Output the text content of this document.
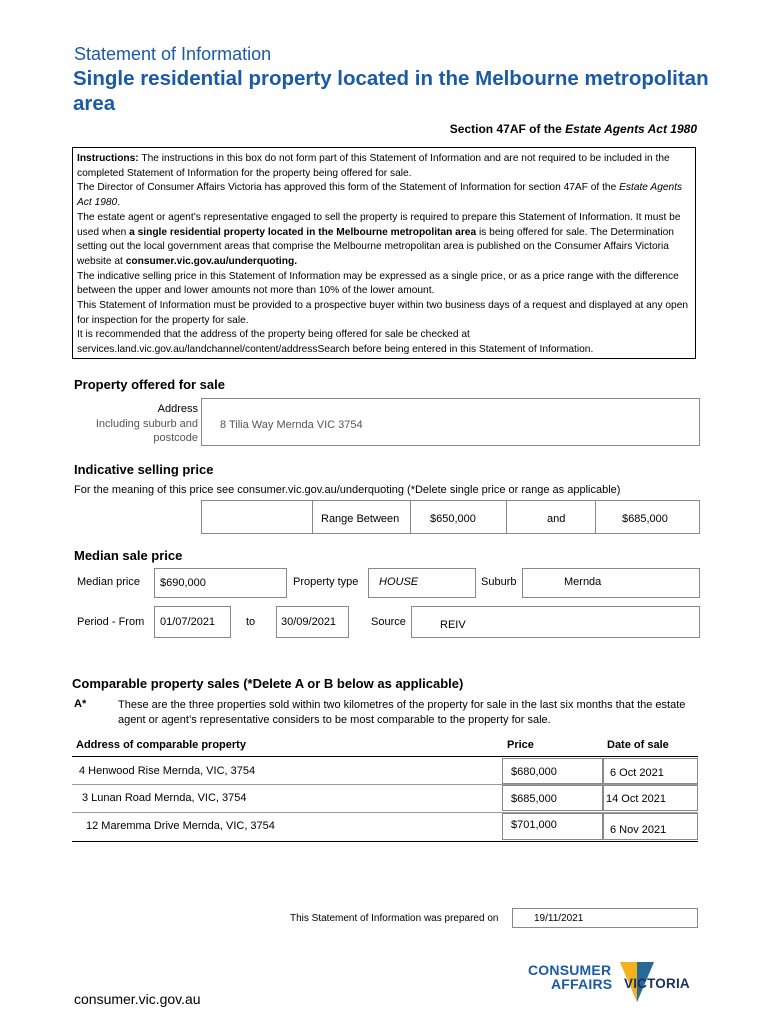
Statement of Information
Single residential property located in the Melbourne metropolitan area
Section 47AF of the Estate Agents Act 1980

Instructions: The instructions in this box do not form part of this Statement of Information and are not required to be included in the completed Statement of Information for the property being offered for sale.

The Director of Consumer Affairs Victoria has approved this form of the Statement of Information for section 47AF of the Estate Agents Act 1980.

The estate agent or agent’s representative engaged to sell the property is required to prepare this Statement of Information. It must be used when a single residential property located in the Melbourne metropolitan area is being offered for sale. The Determination setting out the local government areas that comprise the Melbourne metropolitan area is published on the Consumer Affairs Victoria website at consumer.vic.gov.au/underquoting.

The indicative selling price in this Statement of Information may be expressed as a single price, or as a price range with the difference between the upper and lower amounts not more than 10% of the lower amount.

This Statement of Information must be provided to a prospective buyer within two business days of a request and displayed at any open for inspection for the property for sale.

It is recommended that the address of the property being offered for sale be checked at services.land.vic.gov.au/landchannel/content/addressSearch before being entered in this Statement of Information.

Property offered for sale
Address
Including suburb and
postcode
8 Tilia Way Mernda VIC 3754
Indicative selling price
For the meaning of this price see consumer.vic.gov.au/underquoting (*Delete single price or range as applicable)
Range Between	$650,000	and	$685,000
Median sale price
Median price $690,000	Property type HOUSE	Suburb	Mernda
Period - From 01/07/2021	to 30/09/2021	Source	REIV
Comparable property sales (*Delete A or B below as applicable)
A*	These are the three properties sold within two kilometres of the property for sale in the last six months that the estate agent or agent’s representative considers to be most comparable to the property for sale.
Address of comparable property	Price	Date of sale
4 Henwood Rise Mernda, VIC, 3754	$680,000	6 Oct 2021
3 Lunan Road Mernda, VIC, 3754	$685,000	14 Oct 2021
12 Maremma Drive Mernda, VIC, 3754	$701,000	6 Nov 2021
This Statement of Information was prepared on	19/11/2021
consumer.vic.gov.au
CONSUMER
AFFAIRS VICTORIA
